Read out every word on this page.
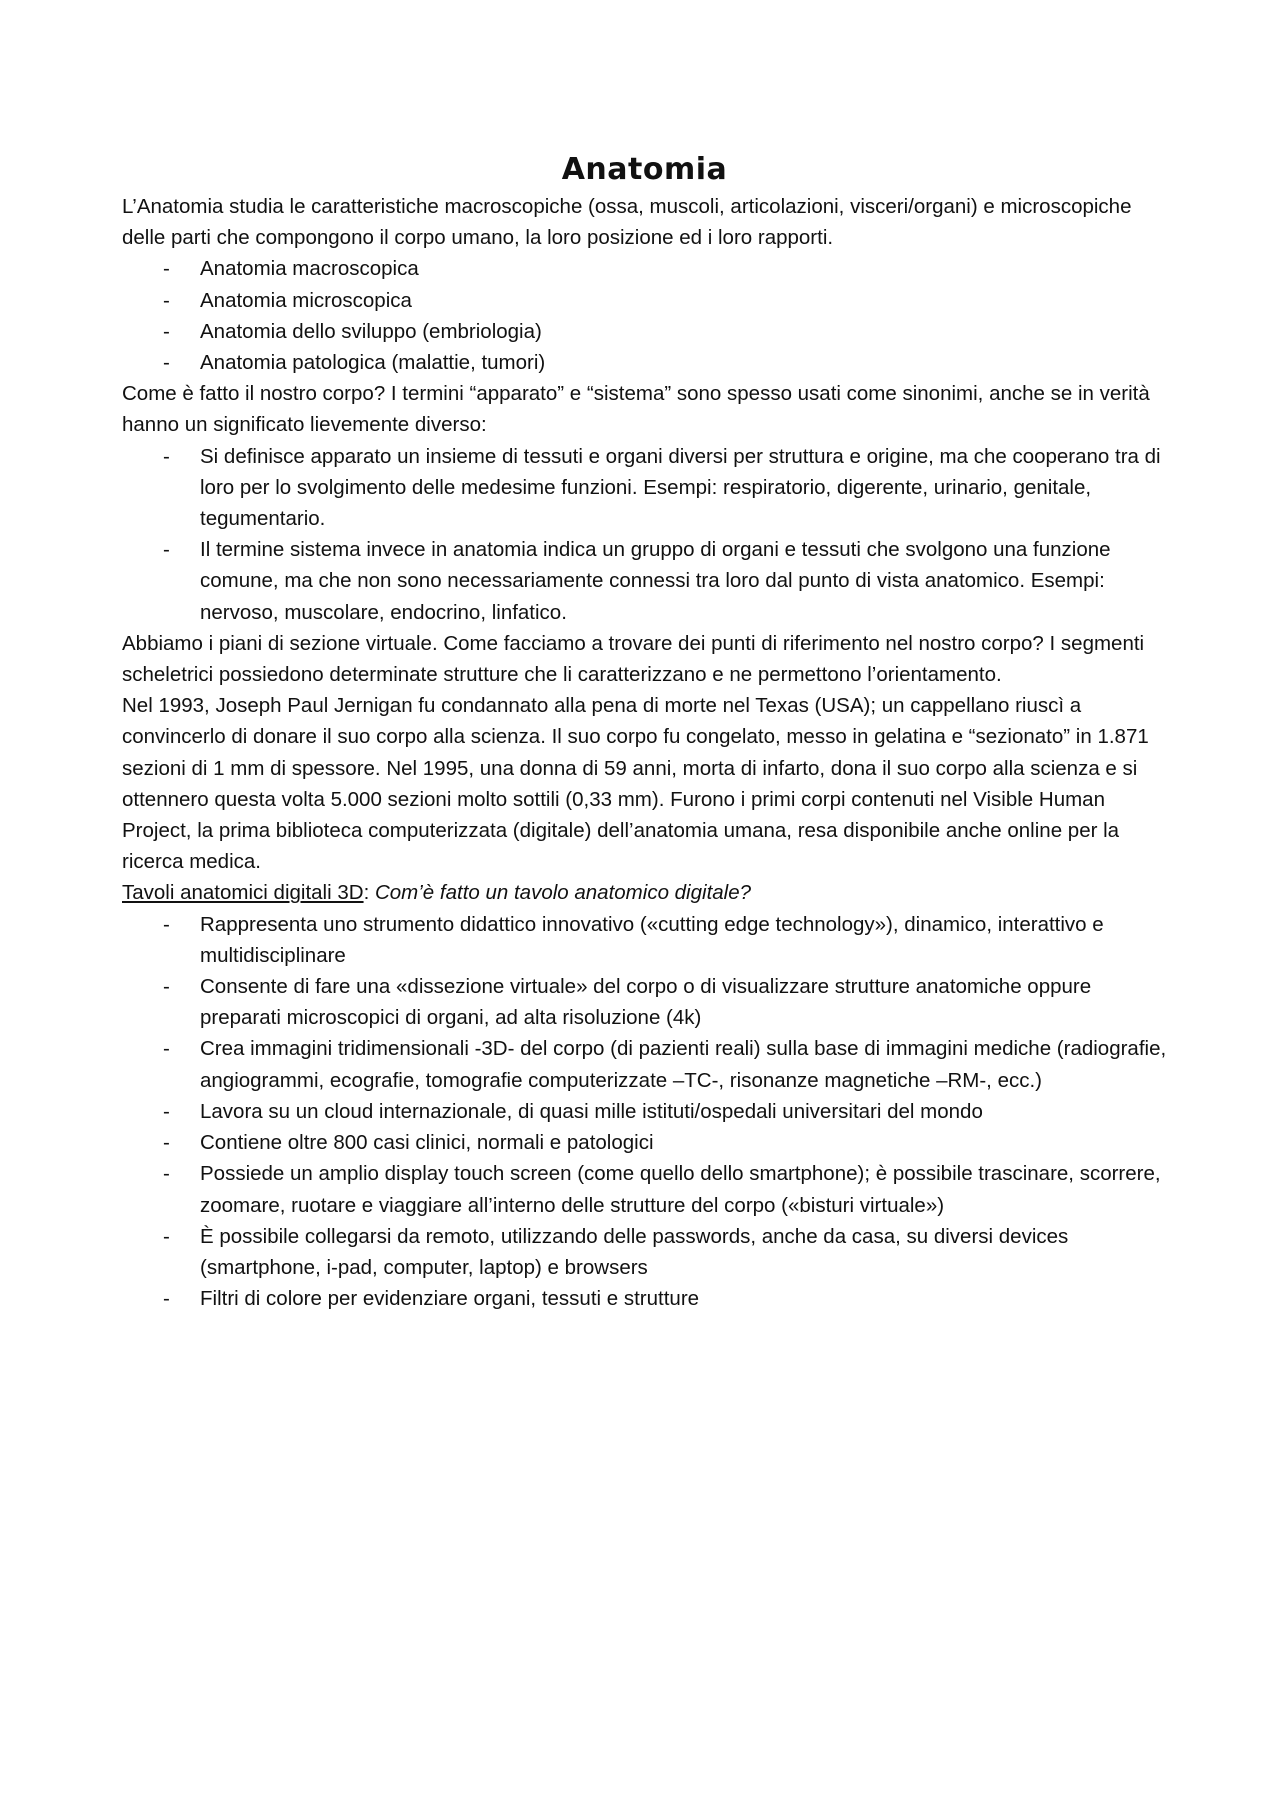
Anatomia

L’Anatomia studia le caratteristiche macroscopiche (ossa, muscoli, articolazioni, visceri/organi) e microscopiche delle parti che compongono il corpo umano, la loro posizione ed i loro rapporti.

- Anatomia macroscopica
- Anatomia microscopica
- Anatomia dello sviluppo (embriologia)
- Anatomia patologica (malattie, tumori)

Come è fatto il nostro corpo? I termini “apparato” e “sistema” sono spesso usati come sinonimi, anche se in verità hanno un significato lievemente diverso:

- Si definisce apparato un insieme di tessuti e organi diversi per struttura e origine, ma che cooperano tra di loro per lo svolgimento delle medesime funzioni. Esempi: respiratorio, digerente, urinario, genitale, tegumentario.
- Il termine sistema invece in anatomia indica un gruppo di organi e tessuti che svolgono una funzione comune, ma che non sono necessariamente connessi tra loro dal punto di vista anatomico. Esempi: nervoso, muscolare, endocrino, linfatico.

Abbiamo i piani di sezione virtuale. Come facciamo a trovare dei punti di riferimento nel nostro corpo? I segmenti scheletrici possiedono determinate strutture che li caratterizzano e ne permettono l’orientamento.

Nel 1993, Joseph Paul Jernigan fu condannato alla pena di morte nel Texas (USA); un cappellano riuscì a convincerlo di donare il suo corpo alla scienza. Il suo corpo fu congelato, messo in gelatina e “sezionato” in 1.871 sezioni di 1 mm di spessore. Nel 1995, una donna di 59 anni, morta di infarto, dona il suo corpo alla scienza e si ottennero questa volta 5.000 sezioni molto sottili (0,33 mm). Furono i primi corpi contenuti nel Visible Human Project, la prima biblioteca computerizzata (digitale) dell’anatomia umana, resa disponibile anche online per la ricerca medica.

Tavoli anatomici digitali 3D: Com’è fatto un tavolo anatomico digitale?

- Rappresenta uno strumento didattico innovativo («cutting edge technology»), dinamico, interattivo e multidisciplinare
- Consente di fare una «dissezione virtuale» del corpo o di visualizzare strutture anatomiche oppure preparati microscopici di organi, ad alta risoluzione (4k)
- Crea immagini tridimensionali -3D- del corpo (di pazienti reali) sulla base di immagini mediche (radiografie, angiogrammi, ecografie, tomografie computerizzate –TC-, risonanze magnetiche –RM-, ecc.)
- Lavora su un cloud internazionale, di quasi mille istituti/ospedali universitari del mondo
- Contiene oltre 800 casi clinici, normali e patologici
- Possiede un amplio display touch screen (come quello dello smartphone); è possibile trascinare, scorrere, zoomare, ruotare e viaggiare all’interno delle strutture del corpo («bisturi virtuale»)
- È possibile collegarsi da remoto, utilizzando delle passwords, anche da casa, su diversi devices (smartphone, i-pad, computer, laptop) e browsers
- Filtri di colore per evidenziare organi, tessuti e strutture
